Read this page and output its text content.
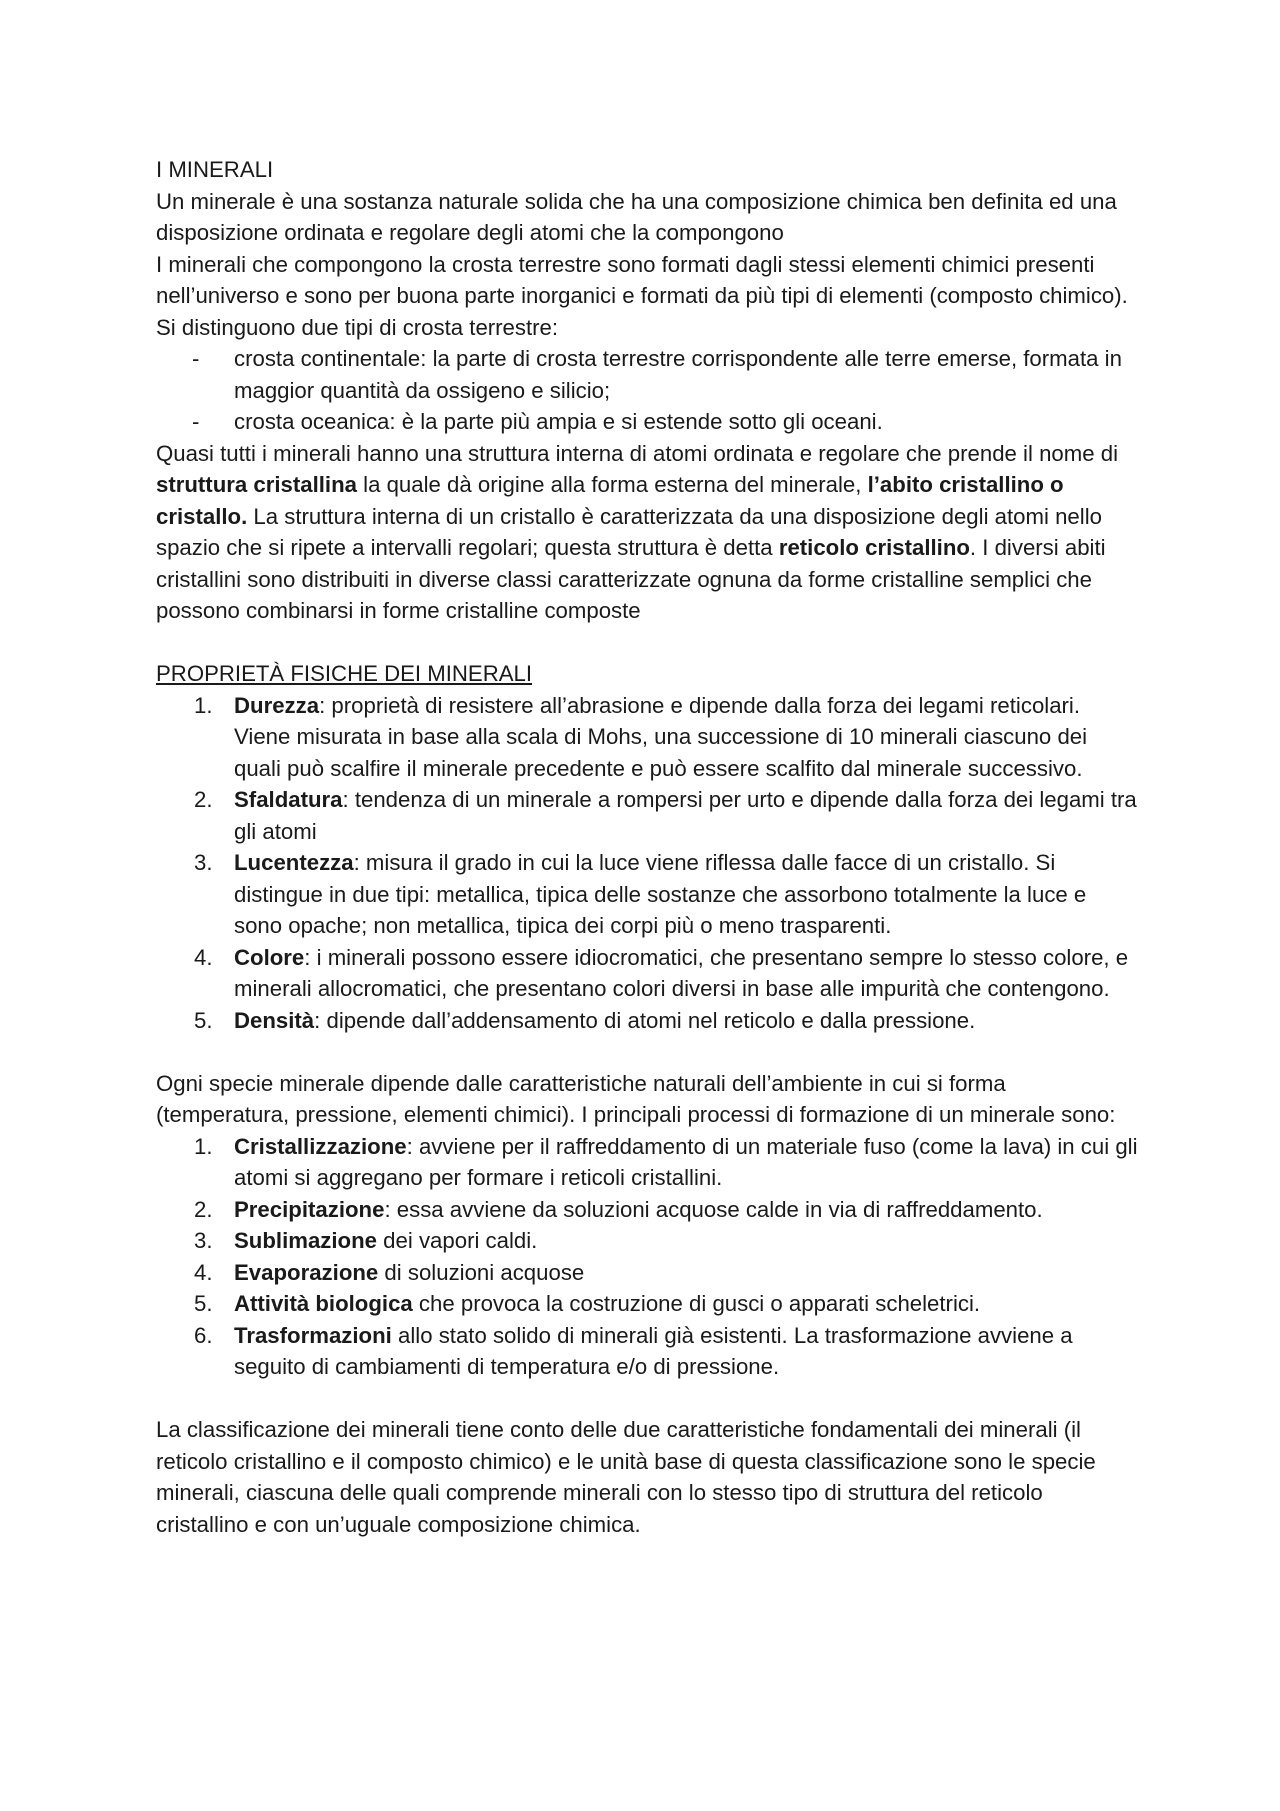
I MINERALI

Un minerale è una sostanza naturale solida che ha una composizione chimica ben definita ed una disposizione ordinata e regolare degli atomi che la compongono

I minerali che compongono la crosta terrestre sono formati dagli stessi elementi chimici presenti nell’universo e sono per buona parte inorganici e formati da più tipi di elementi (composto chimico). Si distinguono due tipi di crosta terrestre:

- crosta continentale: la parte di crosta terrestre corrispondente alle terre emerse, formata in maggior quantità da ossigeno e silicio;
- crosta oceanica: è la parte più ampia e si estende sotto gli oceani.

Quasi tutti i minerali hanno una struttura interna di atomi ordinata e regolare che prende il nome di struttura cristallina la quale dà origine alla forma esterna del minerale, l’abito cristallino o cristallo. La struttura interna di un cristallo è caratterizzata da una disposizione degli atomi nello spazio che si ripete a intervalli regolari; questa struttura è detta reticolo cristallino. I diversi abiti cristallini sono distribuiti in diverse classi caratterizzate ognuna da forme cristalline semplici che possono combinarsi in forme cristalline composte

PROPRIETÀ FISICHE DEI MINERALI

1. Durezza: proprietà di resistere all’abrasione e dipende dalla forza dei legami reticolari. Viene misurata in base alla scala di Mohs, una successione di 10 minerali ciascuno dei quali può scalfire il minerale precedente e può essere scalfito dal minerale successivo.
2. Sfaldatura: tendenza di un minerale a rompersi per urto e dipende dalla forza dei legami tra gli atomi
3. Lucentezza: misura il grado in cui la luce viene riflessa dalle facce di un cristallo. Si distingue in due tipi: metallica, tipica delle sostanze che assorbono totalmente la luce e sono opache; non metallica, tipica dei corpi più o meno trasparenti.
4. Colore: i minerali possono essere idiocromatici, che presentano sempre lo stesso colore, e minerali allocromatici, che presentano colori diversi in base alle impurità che contengono.
5. Densità: dipende dall’addensamento di atomi nel reticolo e dalla pressione.

Ogni specie minerale dipende dalle caratteristiche naturali dell’ambiente in cui si forma (temperatura, pressione, elementi chimici). I principali processi di formazione di un minerale sono:

1. Cristallizzazione: avviene per il raffreddamento di un materiale fuso (come la lava) in cui gli atomi si aggregano per formare i reticoli cristallini.
2. Precipitazione: essa avviene da soluzioni acquose calde in via di raffreddamento.
3. Sublimazione dei vapori caldi.
4. Evaporazione di soluzioni acquose
5. Attività biologica che provoca la costruzione di gusci o apparati scheletrici.
6. Trasformazioni allo stato solido di minerali già esistenti. La trasformazione avviene a seguito di cambiamenti di temperatura e/o di pressione.

La classificazione dei minerali tiene conto delle due caratteristiche fondamentali dei minerali (il reticolo cristallino e il composto chimico) e le unità base di questa classificazione sono le specie minerali, ciascuna delle quali comprende minerali con lo stesso tipo di struttura del reticolo cristallino e con un’uguale composizione chimica.
